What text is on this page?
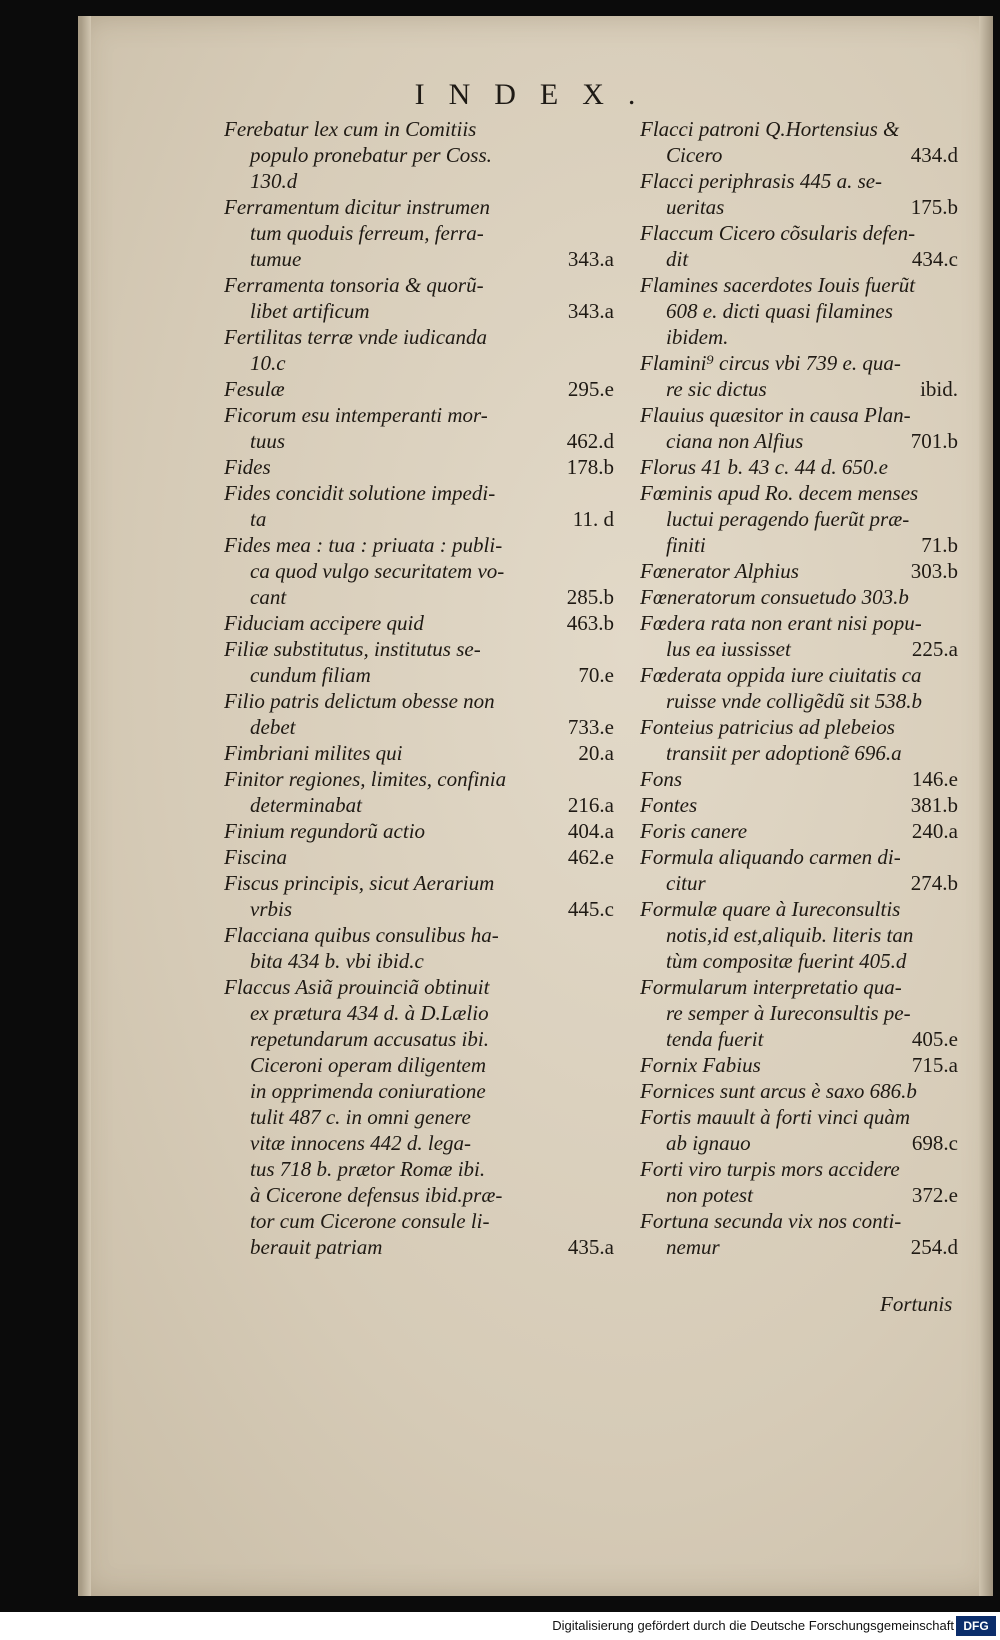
INDEX.
Ferebatur lex cum in Comitiis
populo pronebatur per Coss.
130.d
Ferramentum dicitur instrumen
tum quoduis ferreum, ferra-
343.a
tumue
Ferramenta tonsoria & quorũ-
343.a
libet artificum
Fertilitas terræ vnde iudicanda
10.c
295.e
Fesulæ
Ficorum esu intemperanti mor-
462.d
tuus
178.b
Fides
Fides concidit solutione impedi-
11. d
ta
Fides mea : tua : priuata : publi-
ca quod vulgo securitatem vo-
285.b
cant
463.b
Fiduciam accipere quid
Filiæ substitutus, institutus se-
70.e
cundum filiam
Filio patris delictum obesse non
733.e
debet
20.a
Fimbriani milites qui
Finitor regiones, limites, confinia
216.a
determinabat
404.a
Finium regundorũ actio
462.e
Fiscina
Fiscus principis, sicut Aerarium
445.c
vrbis
Flacciana quibus consulibus ha-
bita 434 b. vbi ibid.c
Flaccus Asiã prouinciã obtinuit
ex prætura 434 d. à D.Lælio
repetundarum accusatus ibi.
Ciceroni operam diligentem
in opprimenda coniuratione
tulit 487 c. in omni genere
vitæ innocens 442 d. lega-
tus 718 b. prætor Romæ ibi.
à Cicerone defensus ibid.præ-
tor cum Cicerone consule li-
435.a
berauit patriam
Flacci patroni Q.Hortensius &
434.d
Cicero
Flacci periphrasis 445 a. se-
175.b
ueritas
Flaccum Cicero cõsularis defen-
434.c
dit
Flamines sacerdotes Iouis fuerũt
608 e. dicti quasi filamines
ibidem.
Flamini⁹ circus vbi 739 e. qua-
ibid.
re sic dictus
Flauius quæsitor in causa Plan-
701.b
ciana non Alfius
Florus 41 b. 43 c. 44 d. 650.e
Fœminis apud Ro. decem menses
luctui peragendo fuerũt præ-
71.b
finiti
303.b
Fœnerator Alphius
Fœneratorum consuetudo 303.b
Fœdera rata non erant nisi popu-
225.a
lus ea iussisset
Fœderata oppida iure ciuitatis ca
ruisse vnde colligẽdũ sit 538.b
Fonteius patricius ad plebeios
transiit per adoptionẽ 696.a
146.e
Fons
381.b
Fontes
240.a
Foris canere
Formula aliquando carmen di-
274.b
citur
Formulæ quare à Iureconsultis
notis,id est,aliquib. literis tan
tùm compositæ fuerint 405.d
Formularum interpretatio qua-
re semper à Iureconsultis pe-
405.e
tenda fuerit
715.a
Fornix Fabius
Fornices sunt arcus è saxo 686.b
Fortis mauult à forti vinci quàm
698.c
ab ignauo
Forti viro turpis mors accidere
372.e
non potest
Fortuna secunda vix nos conti-
254.d
nemur
Fortunis
Digitalisierung gefördert durch die Deutsche Forschungsgemeinschaft DFG
